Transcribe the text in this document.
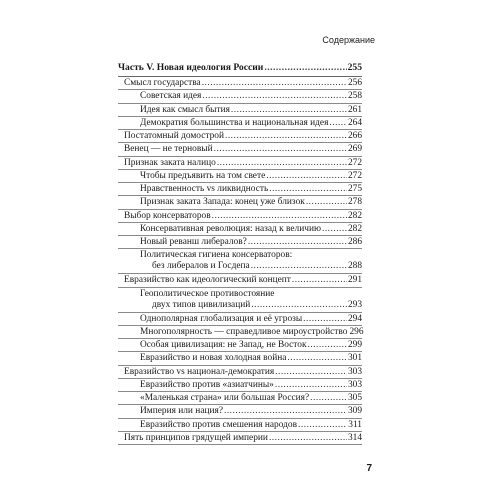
Содержание
Часть V. Новая идеология России .....	255
Смысл государства .....	256
Советская идея .....	258
Идея как смысл бытия .....	261
Демократия большинства и национальная идея ..... 264
Постатомный домострой .....	266
Венец — не терновый .....	269
Признак заката налицо .....	272
Чтобы предъявить на том свете .....	272
Нравственность vs ликвидность .....	275
Признак заката Запада: конец уже близок .....	278
Выбор консерваторов .....	282
Консервативная революция: назад к величию .....	282
Новый реванш либералов? .....	286
Политическая гигиена консерваторов:
без либералов и Госдепа .....	288
Евразийство как идеологический концепт .....	291
Геополитическое противостояние
двух типов цивилизаций .....	293
Однополярная глобализация и её угрозы .....	294
Многополярность — справедливое мироустройство 296
Особая цивилизация: не Запад, не Восток .....	299
Евразийство и новая холодная война .....	301
Евразийство vs национал-демократия .....	303
Евразийство против «азиатчины» .....	303
«Маленькая страна» или большая Россия? .....	305
Империя или нация? .....	309
Евразийство против смешения народов .....	311
Пять принципов грядущей империи .....	314
7
